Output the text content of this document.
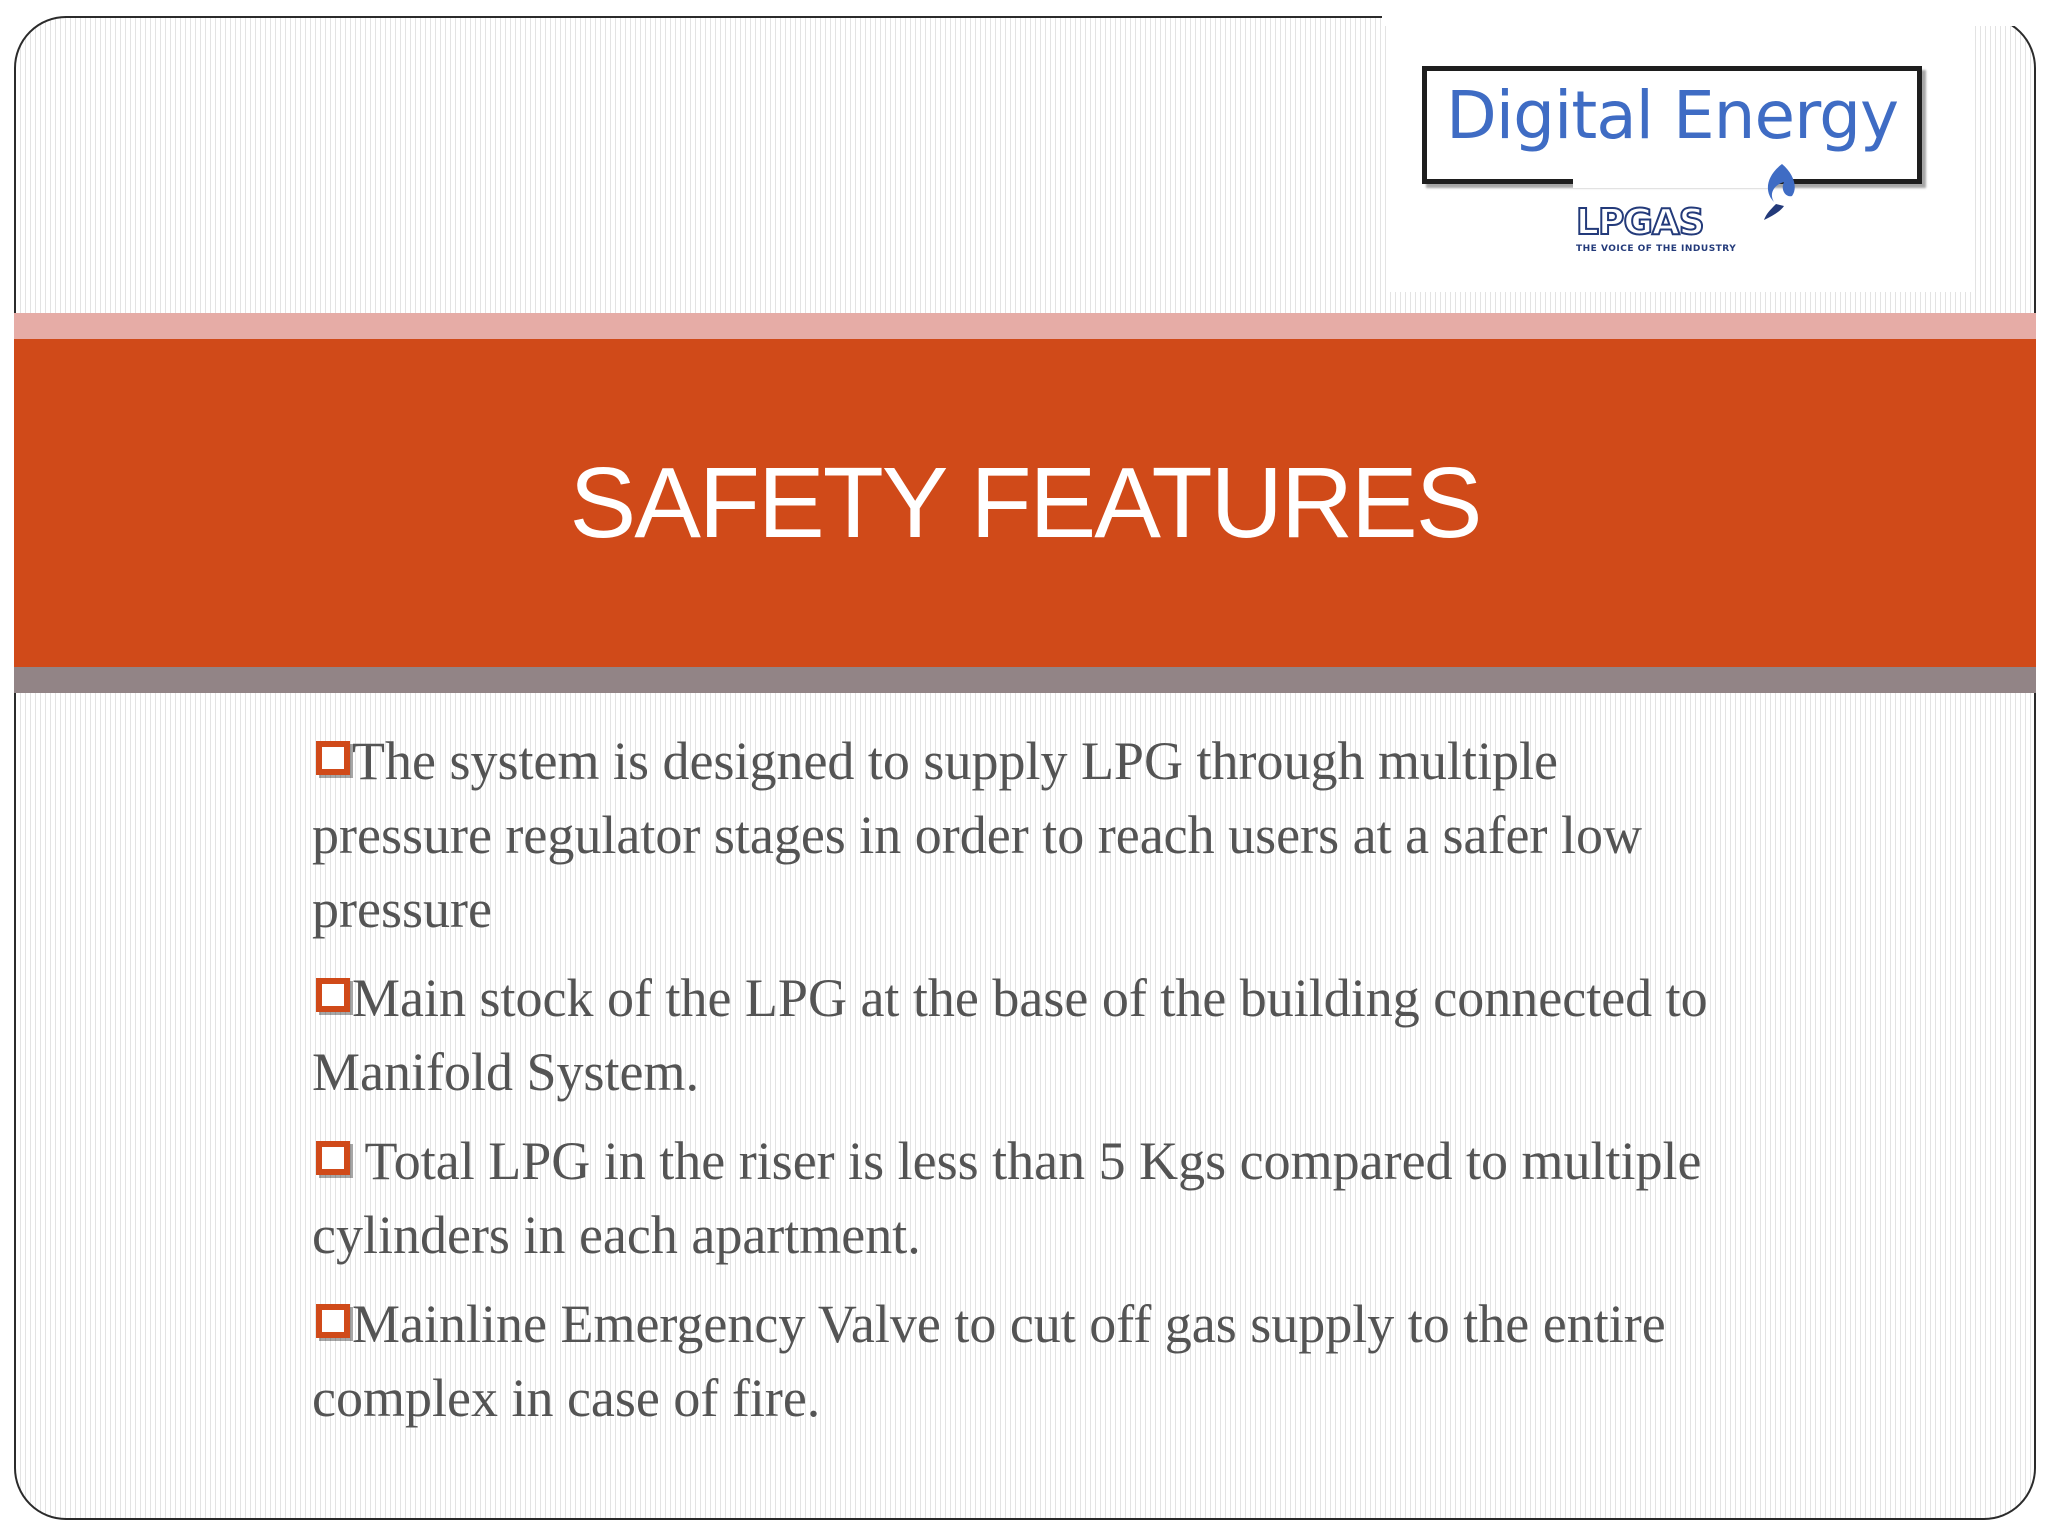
Digital Energy
LPGAS
THE VOICE OF THE INDUSTRY
SAFETY FEATURES
The system is designed to supply LPG through multiple pressure regulator stages in order to reach users at a safer low pressure
Main stock of the LPG at the base of the building connected to Manifold System.
Total LPG in the riser is less than 5 Kgs compared to multiple cylinders in each apartment.
Mainline Emergency Valve to cut off gas supply to the entire complex in case of fire.
